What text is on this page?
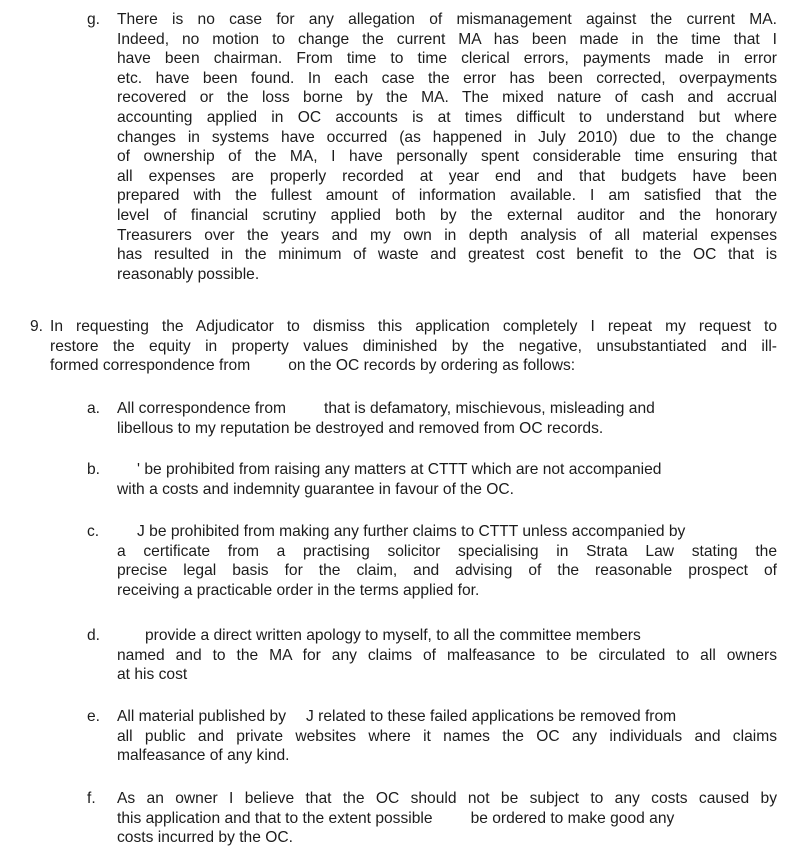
g. There is no case for any allegation of mismanagement against the current MA.
Indeed, no motion to change the current MA has been made in the time that I
have been chairman. From time to time clerical errors, payments made in error
etc. have been found. In each case the error has been corrected, overpayments
recovered or the loss borne by the MA. The mixed nature of cash and accrual
accounting applied in OC accounts is at times difficult to understand but where
changes in systems have occurred (as happened in July 2010) due to the change
of ownership of the MA, I have personally spent considerable time ensuring that
all expenses are properly recorded at year end and that budgets have been
prepared with the fullest amount of information available. I am satisfied that the
level of financial scrutiny applied both by the external auditor and the honorary
Treasurers over the years and my own in depth analysis of all material expenses
has resulted in the minimum of waste and greatest cost benefit to the OC that is
reasonably possible.
9. In requesting the Adjudicator to dismiss this application completely I repeat my request to
restore the equity in property values diminished by the negative, unsubstantiated and ill-
formed correspondence from on the OC records by ordering as follows:
a. All correspondence from that is defamatory, mischievous, misleading and
libellous to my reputation be destroyed and removed from OC records.
b.	' be prohibited from raising any matters at CTTT which are not accompanied
with a costs and indemnity guarantee in favour of the OC.
c.	J be prohibited from making any further claims to CTTT unless accompanied by
a certificate from a practising solicitor specialising in Strata Law stating the
precise legal basis for the claim, and advising of the reasonable prospect of
receiving a practicable order in the terms applied for.
d.	provide a direct written apology to myself, to all the committee members
named and to the MA for any claims of malfeasance to be circulated to all owners
at his cost
e. All material published by J related to these failed applications be removed from
all public and private websites where it names the OC any individuals and claims
malfeasance of any kind.
f. As an owner I believe that the OC should not be subject to any costs caused by
this application and that to the extent possible be ordered to make good any
costs incurred by the OC.
